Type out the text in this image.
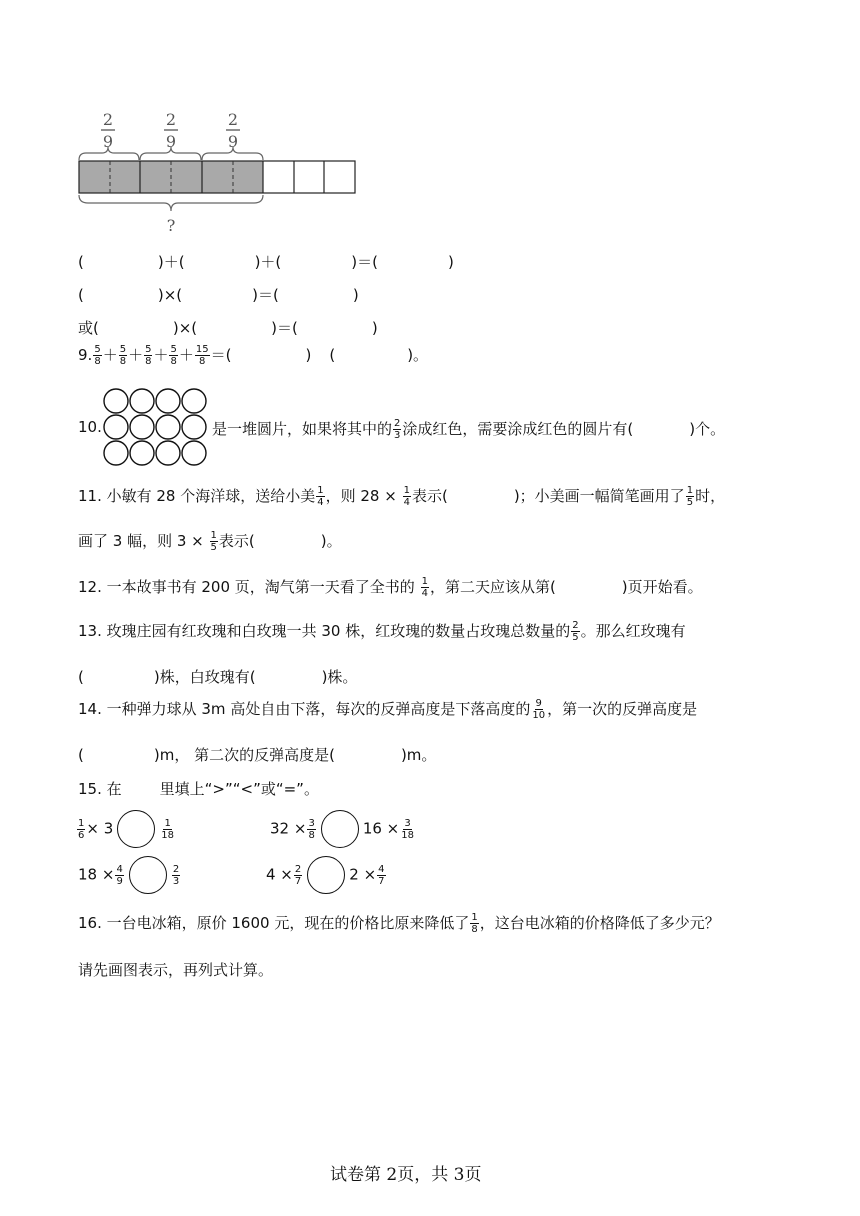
2
9
2
9
2
9
?
(	)＋(	)＋(	)＝(	)
(	)×(	)＝(	)
或(	)×(	)＝(	)
9. $\frac{5}{8} + \frac{5}{8} + \frac{5}{8} + \frac{5}{8} + \frac{15}{8}$ ＝(	) (	)。
10.	是一堆圆片，如果将其中的 $\frac{2}{3}$ 涂成红色，需要涂成红色的圆片有(	)个。
11. 小敏有 28 个海洋球，送给小美 $\frac{1}{4}$ ，则 $28 \times \frac{1}{4}$ 表示(	)；小美画一幅简笔画用了 $\frac{1}{5}$ 时，
画了 3 幅，则 $3 \times \frac{1}{5}$ 表示(	)。
12. 一本故事书有 200 页，淘气第一天看了全书的 $\frac{1}{4}$ ，第二天应该从第(	)页开始看。
13. 玫瑰庄园有红玫瑰和白玫瑰一共 30 株，红玫瑰的数量占玫瑰总数量的 $\frac{2}{5}$ 。那么红玫瑰有
(	)株，白玫瑰有(	)株。
14. 一种弹力球从 3m 高处自由下落，每次的反弹高度是下落高度的 $\frac{9}{10}$ ，第一次的反弹高度是
(	)m， 第二次的反弹高度是(	)m。
15. 在	里填上“>”“<”或“=”。
$\frac{1}{6} \times 3$	$\frac{1}{18}$	$32 \times \frac{3}{8}$	$16 \times \frac{3}{18}$
$18 \times \frac{4}{9}$	$\frac{2}{3}$	$4 \times \frac{2}{7}$	$2 \times \frac{4}{7}$
16. 一台电冰箱，原价 1600 元，现在的价格比原来降低了 $\frac{1}{8}$ ，这台电冰箱的价格降低了多少元？
请先画图表示，再列式计算。
试卷第 2页，共 3页
